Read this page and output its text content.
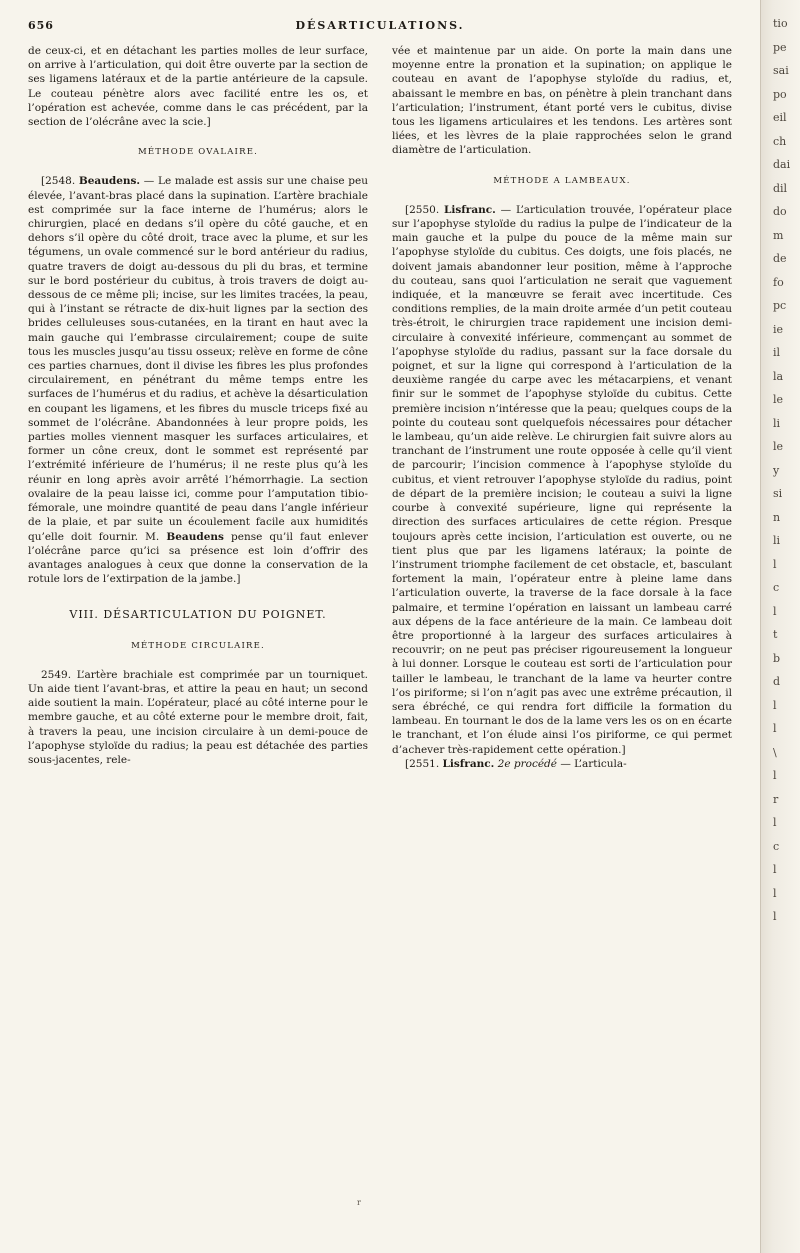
656	DÉSARTICULATIONS.

de ceux-ci, et en détachant les parties molles de leur surface, on arrive à l’articulation, qui doit être ouverte par la section de ses ligamens latéraux et de la partie antérieure de la capsule. Le couteau pénètre alors avec facilité entre les os, et l’opération est achevée, comme dans le cas précédent, par la section de l’olécrâne avec la scie.]

MÉTHODE OVALAIRE.

[2548. Beaudens. — Le malade est assis sur une chaise peu élevée, l’avant-bras placé dans la supination. L’artère brachiale est comprimée sur la face interne de l’humérus; alors le chirurgien, placé en dedans s’il opère du côté gauche, et en dehors s’il opère du côté droit, trace avec la plume, et sur les tégumens, un ovale commencé sur le bord antérieur du radius, quatre travers de doigt au-dessous du pli du bras, et termine sur le bord postérieur du cubitus, à trois travers de doigt au-dessous de ce même pli; incise, sur les limites tracées, la peau, qui à l’instant se rétracte de dix-huit lignes par la section des brides celluleuses sous-cutanées, en la tirant en haut avec la main gauche qui l’embrasse circulairement; coupe de suite tous les muscles jusqu’au tissu osseux; relève en forme de cône ces parties charnues, dont il divise les fibres les plus profondes circulairement, en pénétrant du même temps entre les surfaces de l’humérus et du radius, et achève la désarticulation en coupant les ligamens, et les fibres du muscle triceps fixé au sommet de l’olécrâne. Abandonnées à leur propre poids, les parties molles viennent masquer les surfaces articulaires, et former un cône creux, dont le sommet est représenté par l’extrémité inférieure de l’humérus; il ne reste plus qu’à les réunir en long après avoir arrêté l’hémorrhagie. La section ovalaire de la peau laisse ici, comme pour l’amputation tibio-fémorale, une moindre quantité de peau dans l’angle inférieur de la plaie, et par suite un écoulement facile aux humidités qu’elle doit fournir. M. Beaudens pense qu’il faut enlever l’olécrâne parce qu’ici sa présence est loin d’offrir des avantages analogues à ceux que donne la conservation de la rotule lors de l’extirpation de la jambe.]

VIII. DÉSARTICULATION DU POIGNET.
MÉTHODE CIRCULAIRE.

2549. L’artère brachiale est comprimée par un tourniquet. Un aide tient l’avant-bras, et attire la peau en haut; un second aide soutient la main. L’opérateur, placé au côté interne pour le membre gauche, et au côté externe pour le membre droit, fait, à travers la peau, une incision circulaire à un demi-pouce de l’apophyse styloïde du radius; la peau est détachée des parties sous-jacentes, rele-

vée et maintenue par un aide. On porte la main dans une moyenne entre la pronation et la supination; on applique le couteau en avant de l’apophyse styloïde du radius, et, abaissant le membre en bas, on pénètre à plein tranchant dans l’articulation; l’instrument, étant porté vers le cubitus, divise tous les ligamens articulaires et les tendons. Les artères sont liées, et les lèvres de la plaie rapprochées selon le grand diamètre de l’articulation.

MÉTHODE A LAMBEAUX.

[2550. Lisfranc. — L’articulation trouvée, l’opérateur place sur l’apophyse styloïde du radius la pulpe de l’indicateur de la main gauche et la pulpe du pouce de la même main sur l’apophyse styloïde du cubitus. Ces doigts, une fois placés, ne doivent jamais abandonner leur position, même à l’approche du couteau, sans quoi l’articulation ne serait que vaguement indiquée, et la manœuvre se ferait avec incertitude. Ces conditions remplies, de la main droite armée d’un petit couteau très-étroit, le chirurgien trace rapidement une incision demi-circulaire à convexité inférieure, commençant au sommet de l’apophyse styloïde du radius, passant sur la face dorsale du poignet, et sur la ligne qui correspond à l’articulation de la deuxième rangée du carpe avec les métacarpiens, et venant finir sur le sommet de l’apophyse styloïde du cubitus. Cette première incision n’intéresse que la peau; quelques coups de la pointe du couteau sont quelquefois nécessaires pour détacher le lambeau, qu’un aide relève. Le chirurgien fait suivre alors au tranchant de l’instrument une route opposée à celle qu’il vient de parcourir; l’incision commence à l’apophyse styloïde du cubitus, et vient retrouver l’apophyse styloïde du radius, point de départ de la première incision; le couteau a suivi la ligne courbe à convexité supérieure, ligne qui représente la direction des surfaces articulaires de cette région. Presque toujours après cette incision, l’articulation est ouverte, ou ne tient plus que par les ligamens latéraux; la pointe de l’instrument triomphe facilement de cet obstacle, et, basculant fortement la main, l’opérateur entre à pleine lame dans l’articulation ouverte, la traverse de la face dorsale à la face palmaire, et termine l’opération en laissant un lambeau carré aux dépens de la face antérieure de la main. Ce lambeau doit être proportionné à la largeur des surfaces articulaires à recouvrir; on ne peut pas préciser rigoureusement la longueur à lui donner. Lorsque le couteau est sorti de l’articulation pour tailler le lambeau, le tranchant de la lame va heurter contre l’os piriforme; si l’on n’agit pas avec une extrême précaution, il sera ébréché, ce qui rendra fort difficile la formation du lambeau. En tournant le dos de la lame vers les os on en écarte le tranchant, et l’on élude ainsi l’os piriforme, ce qui permet d’achever très-rapidement cette opération.]

[2551. Lisfranc. 2e procédé — L’articula-

r
tio
pe
sai
po
eil
ch
dai
dil
do
m
de
fo
pc
ie
il
la
le
li
le
y
si
n
li
l
c
l
t
b
d
l
l
\
l
r
l
c
l
l
l
